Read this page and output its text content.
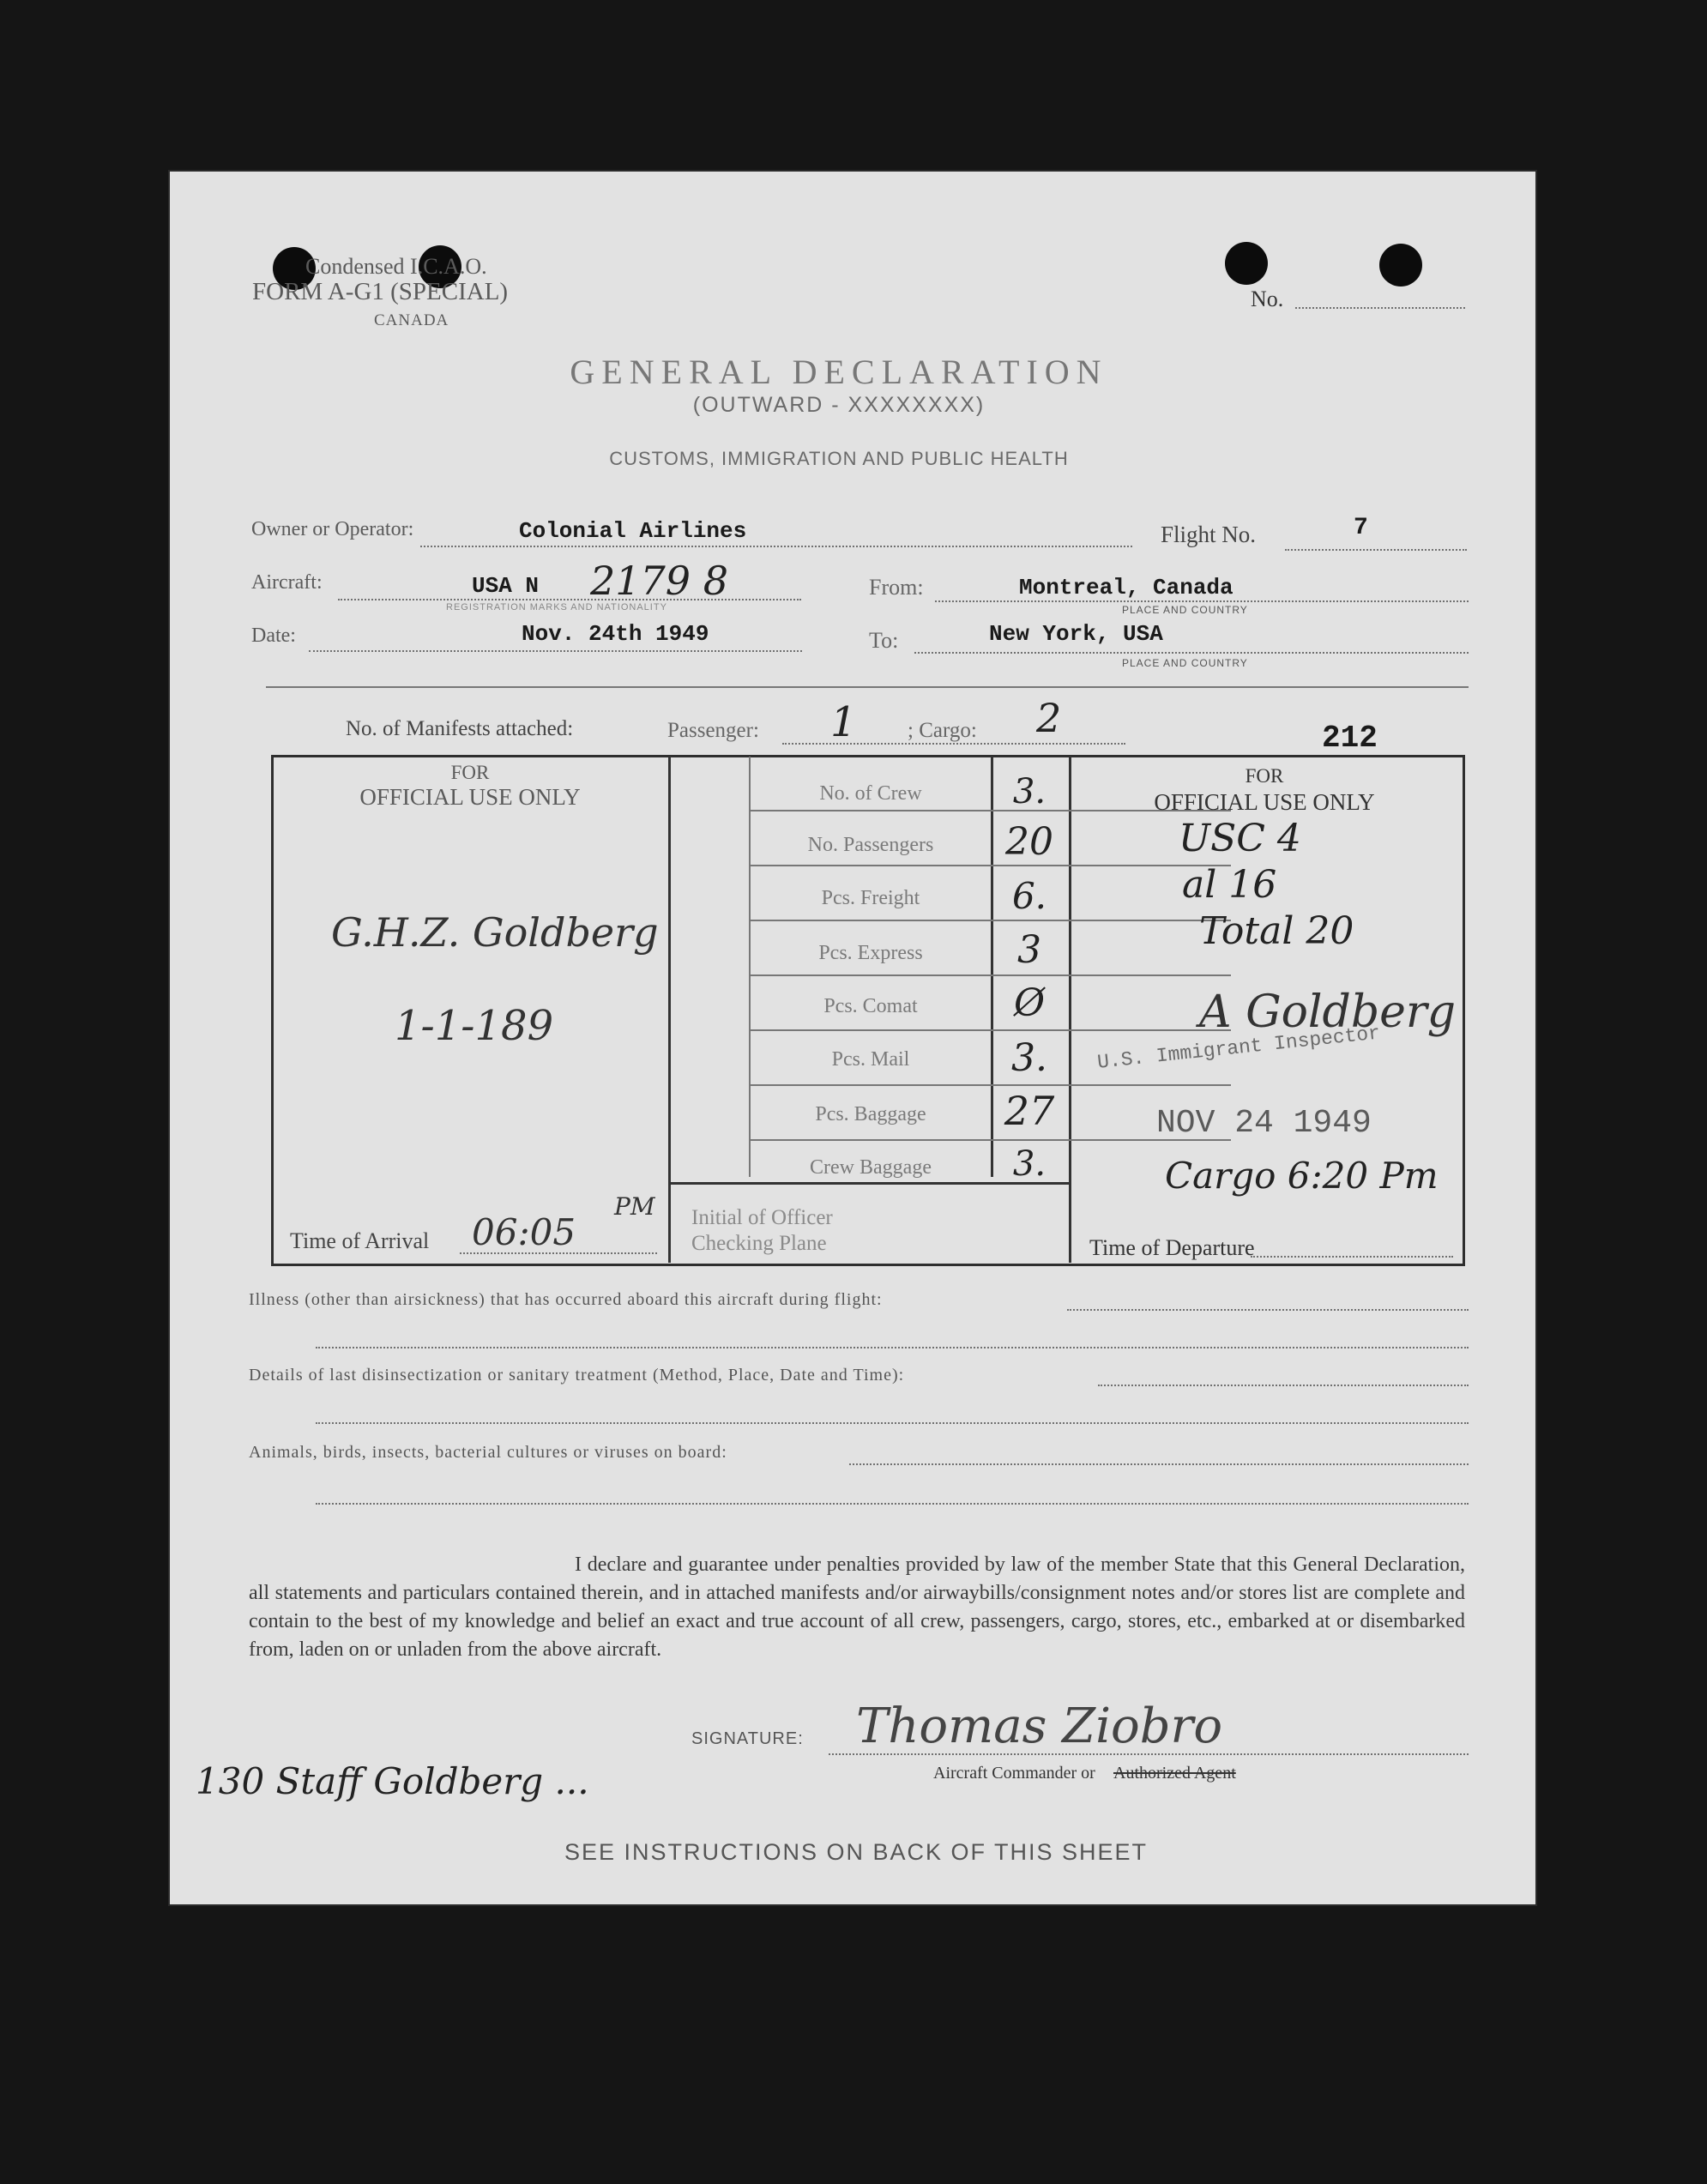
Condensed I.C.A.O.
FORM A-G1 (SPECIAL)
CANADA
No.
GENERAL DECLARATION
(OUTWARD - XXXXXXXX)
CUSTOMS, IMMIGRATION AND PUBLIC HEALTH
Owner or Operator:	Colonial Airlines	Flight No.	7
Aircraft:	USA N 2179 8
REGISTRATION MARKS AND NATIONALITY
From:	Montreal, Canada
PLACE AND COUNTRY
Date:	Nov. 24th 1949	To:	New York, USA
PLACE AND COUNTRY
No. of Manifests attached:	Passenger: 1 ; Cargo: 2	212
FOR
OFFICIAL USE ONLY
G.H.Z. Goldberg
1-1-189
Time of Arrival 06:05
PM
No. of Crew	3.
No. Passengers	20
Pcs. Freight	6.
Pcs. Express	3
Pcs. Comat	Ø
Pcs. Mail	3.
Pcs. Baggage	27
Crew Baggage	3.
Initial of Officer
Checking Plane
FOR
OFFICIAL USE ONLY
USC 4
al 16
Total 20
A Goldberg
U.S. Immigrant Inspector
NOV 24 1949
Cargo 6:20 Pm
Time of Departure
Illness (other than airsickness) that has occurred aboard this aircraft during flight:
Details of last disinsectization or sanitary treatment (Method, Place, Date and Time):
Animals, birds, insects, bacterial cultures or viruses on board:
I declare and guarantee under penalties provided by law of the member State that this General Declaration, all statements and particulars contained therein, and in attached manifests and/or airwaybills/consignment notes and/or stores list are complete and contain to the best of my knowledge and belief an exact and true account of all crew, passengers, cargo, stores, etc., embarked at or disembarked from, laden on or unladen from the above aircraft.
SIGNATURE: Thomas Ziobro
Aircraft Commander or Authorized Agent
130 Staff Goldberg ...
SEE INSTRUCTIONS ON BACK OF THIS SHEET
